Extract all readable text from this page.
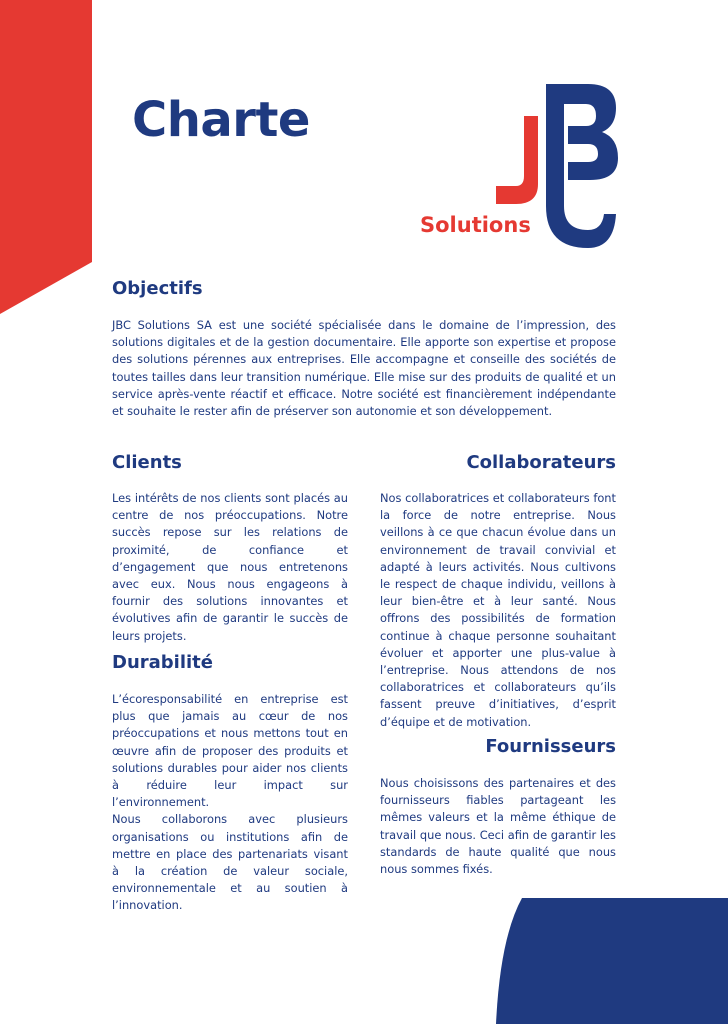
Charte
Solutions
Objectifs

JBC Solutions SA est une société spécialisée dans le domaine de l’impression, des solutions digitales et de la gestion documentaire. Elle apporte son expertise et propose des solutions pérennes aux entreprises. Elle accompagne et conseille des sociétés de toutes tailles dans leur transition numérique. Elle mise sur des produits de qualité et un service après-vente réactif et efficace. Notre société est financièrement indépendante et souhaite le rester afin de préserver son autonomie et son développement.

Clients

Les intérêts de nos clients sont placés au centre de nos préoccupations. Notre succès repose sur les relations de proximité, de confiance et d’engagement que nous entretenons avec eux. Nous nous engageons à fournir des solutions innovantes et évolutives afin de garantir le succès de leurs projets.

Durabilité
L’écoresponsabilité en entreprise est plus que jamais au cœur de nos préoccupations et nous mettons tout en œuvre afin de proposer des produits et solutions durables pour aider nos clients à réduire leur impact sur l’environnement.
Nous collaborons avec plusieurs organisations ou institutions afin de mettre en place des partenariats visant à la création de valeur sociale, environnementale et au soutien à l’innovation.
Collaborateurs

Nos collaboratrices et collaborateurs font la force de notre entreprise. Nous veillons à ce que chacun évolue dans un environnement de travail convivial et adapté à leurs activités. Nous cultivons le respect de chaque individu, veillons à leur bien-être et à leur santé. Nous offrons des possibilités de formation continue à chaque personne souhaitant évoluer et apporter une plus-value à l’entreprise. Nous attendons de nos collaboratrices et collaborateurs qu’ils fassent preuve d’initiatives, d’esprit d’équipe et de motivation.

Fournisseurs

Nous choisissons des partenaires et des fournisseurs fiables partageant les mêmes valeurs et la même éthique de travail que nous. Ceci afin de garantir les standards de haute qualité que nous nous sommes fixés.
